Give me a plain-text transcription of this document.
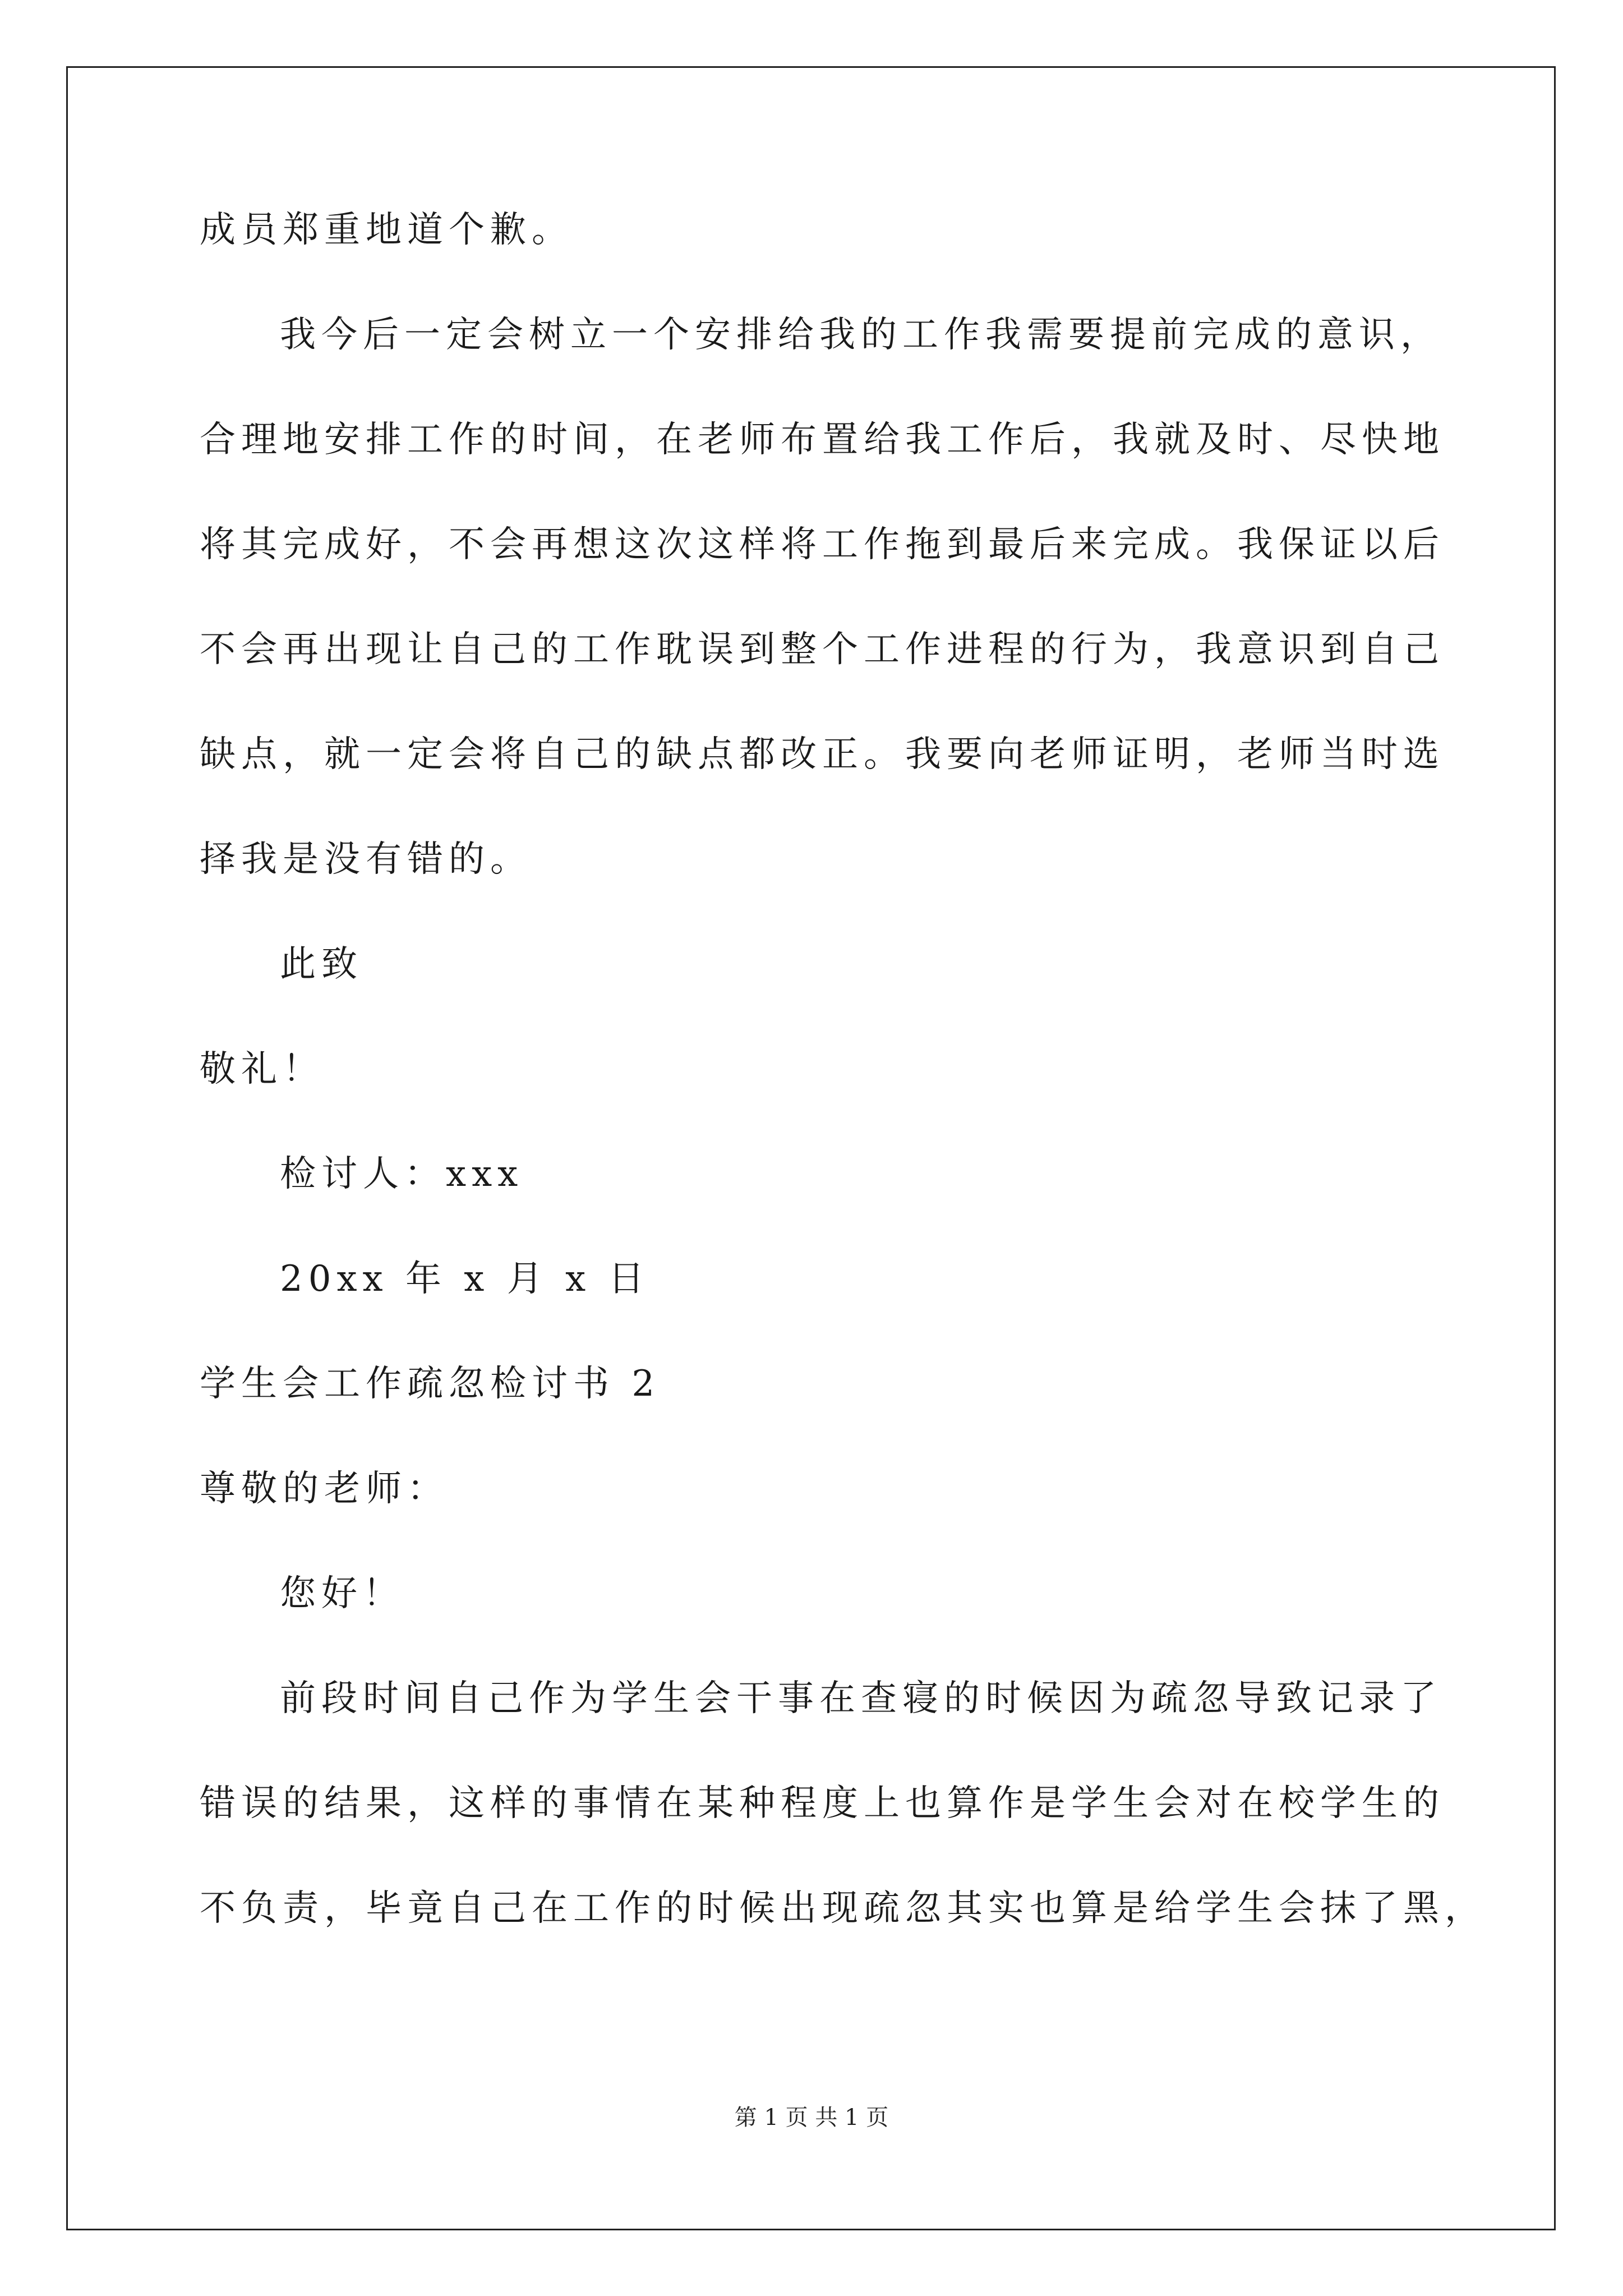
成员郑重地道个歉。
我今后一定会树立一个安排给我的工作我需要提前完成的意识，
合理地安排工作的时间，在老师布置给我工作后，我就及时、尽快地
将其完成好，不会再想这次这样将工作拖到最后来完成。我保证以后
不会再出现让自己的工作耽误到整个工作进程的行为，我意识到自己
缺点，就一定会将自己的缺点都改正。我要向老师证明，老师当时选
择我是没有错的。
此致
敬礼！
检讨人：xxx
20xx 年 x 月 x 日
学生会工作疏忽检讨书 2
尊敬的老师：
您好！
前段时间自己作为学生会干事在查寝的时候因为疏忽导致记录了
错误的结果，这样的事情在某种程度上也算作是学生会对在校学生的
不负责，毕竟自己在工作的时候出现疏忽其实也算是给学生会抹了黑，
第 1 页 共 1 页
